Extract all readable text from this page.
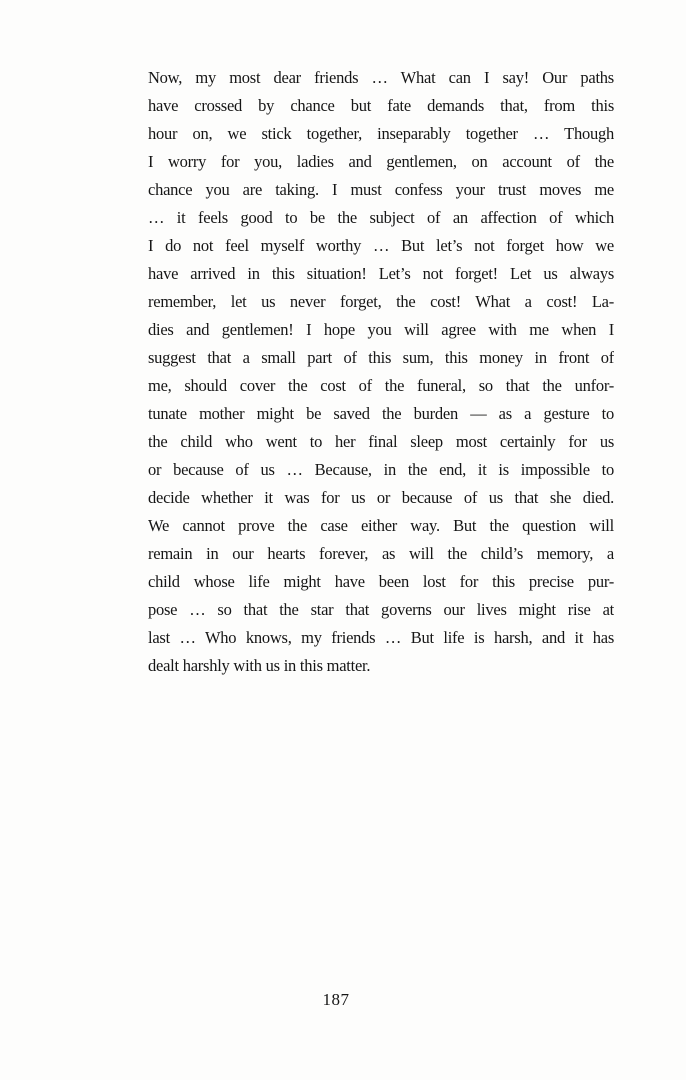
Now, my most dear friends … What can I say! Our paths
have crossed by chance but fate demands that, from this
hour on, we stick together, inseparably together … Though
I worry for you, ladies and gentlemen, on account of the
chance you are taking. I must confess your trust moves me
… it feels good to be the subject of an affection of which
I do not feel myself worthy … But let’s not forget how we
have arrived in this situation! Let’s not forget! Let us always
remember, let us never forget, the cost! What a cost! La-
dies and gentlemen! I hope you will agree with me when I
suggest that a small part of this sum, this money in front of
me, should cover the cost of the funeral, so that the unfor-
tunate mother might be saved the burden — as a gesture to
the child who went to her final sleep most certainly for us
or because of us … Because, in the end, it is impossible to
decide whether it was for us or because of us that she died.
We cannot prove the case either way. But the question will
remain in our hearts forever, as will the child’s memory, a
child whose life might have been lost for this precise pur-
pose … so that the star that governs our lives might rise at
last … Who knows, my friends … But life is harsh, and it has
dealt harshly with us in this matter.
187
